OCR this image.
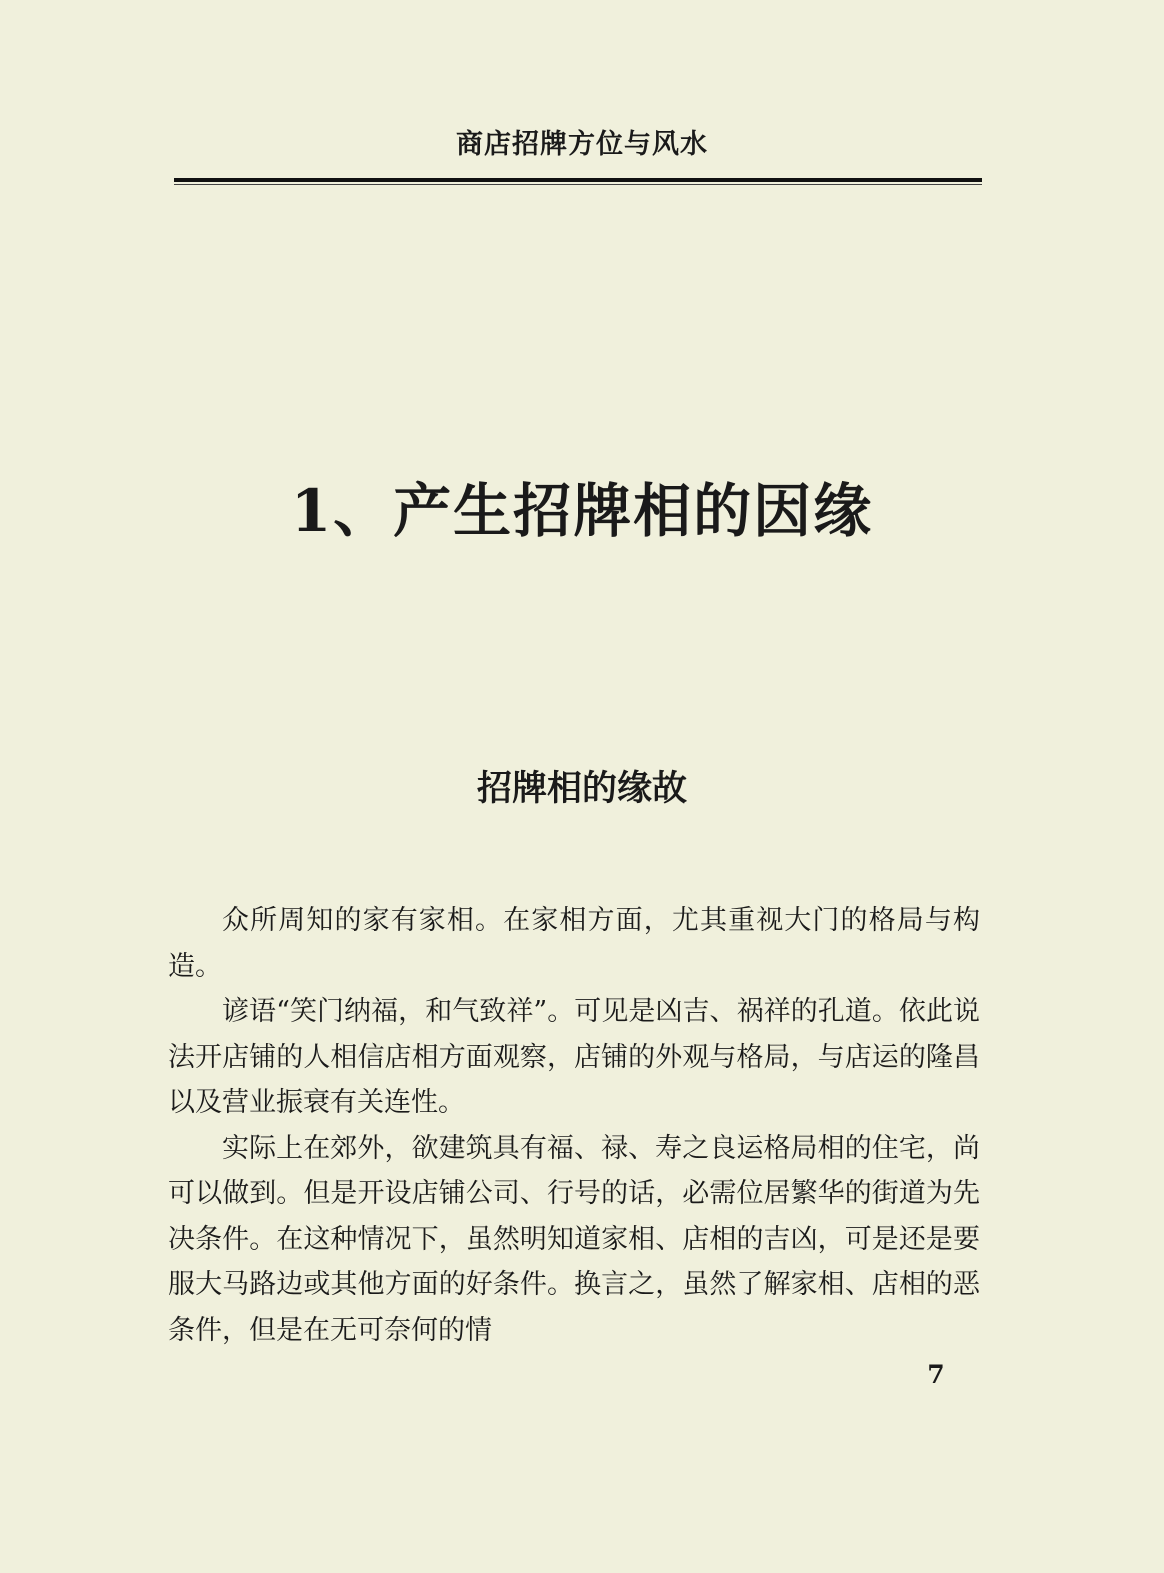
商店招牌方位与风水
1、产生招牌相的因缘
招牌相的缘故

众所周知的家有家相。在家相方面，尤其重视大门的格局与构造。

谚语“笑门纳福，和气致祥”。可见是凶吉、祸祥的孔道。依此说法开店铺的人相信店相方面观察，店铺的外观与格局，与店运的隆昌以及营业振衰有关连性。

实际上在郊外，欲建筑具有福、禄、寿之良运格局相的住宅，尚可以做到。但是开设店铺公司、行号的话，必需位居繁华的街道为先决条件。在这种情况下，虽然明知道家相、店相的吉凶，可是还是要服大马路边或其他方面的好条件。换言之，虽然了解家相、店相的恶条件，但是在无可奈何的情

7
